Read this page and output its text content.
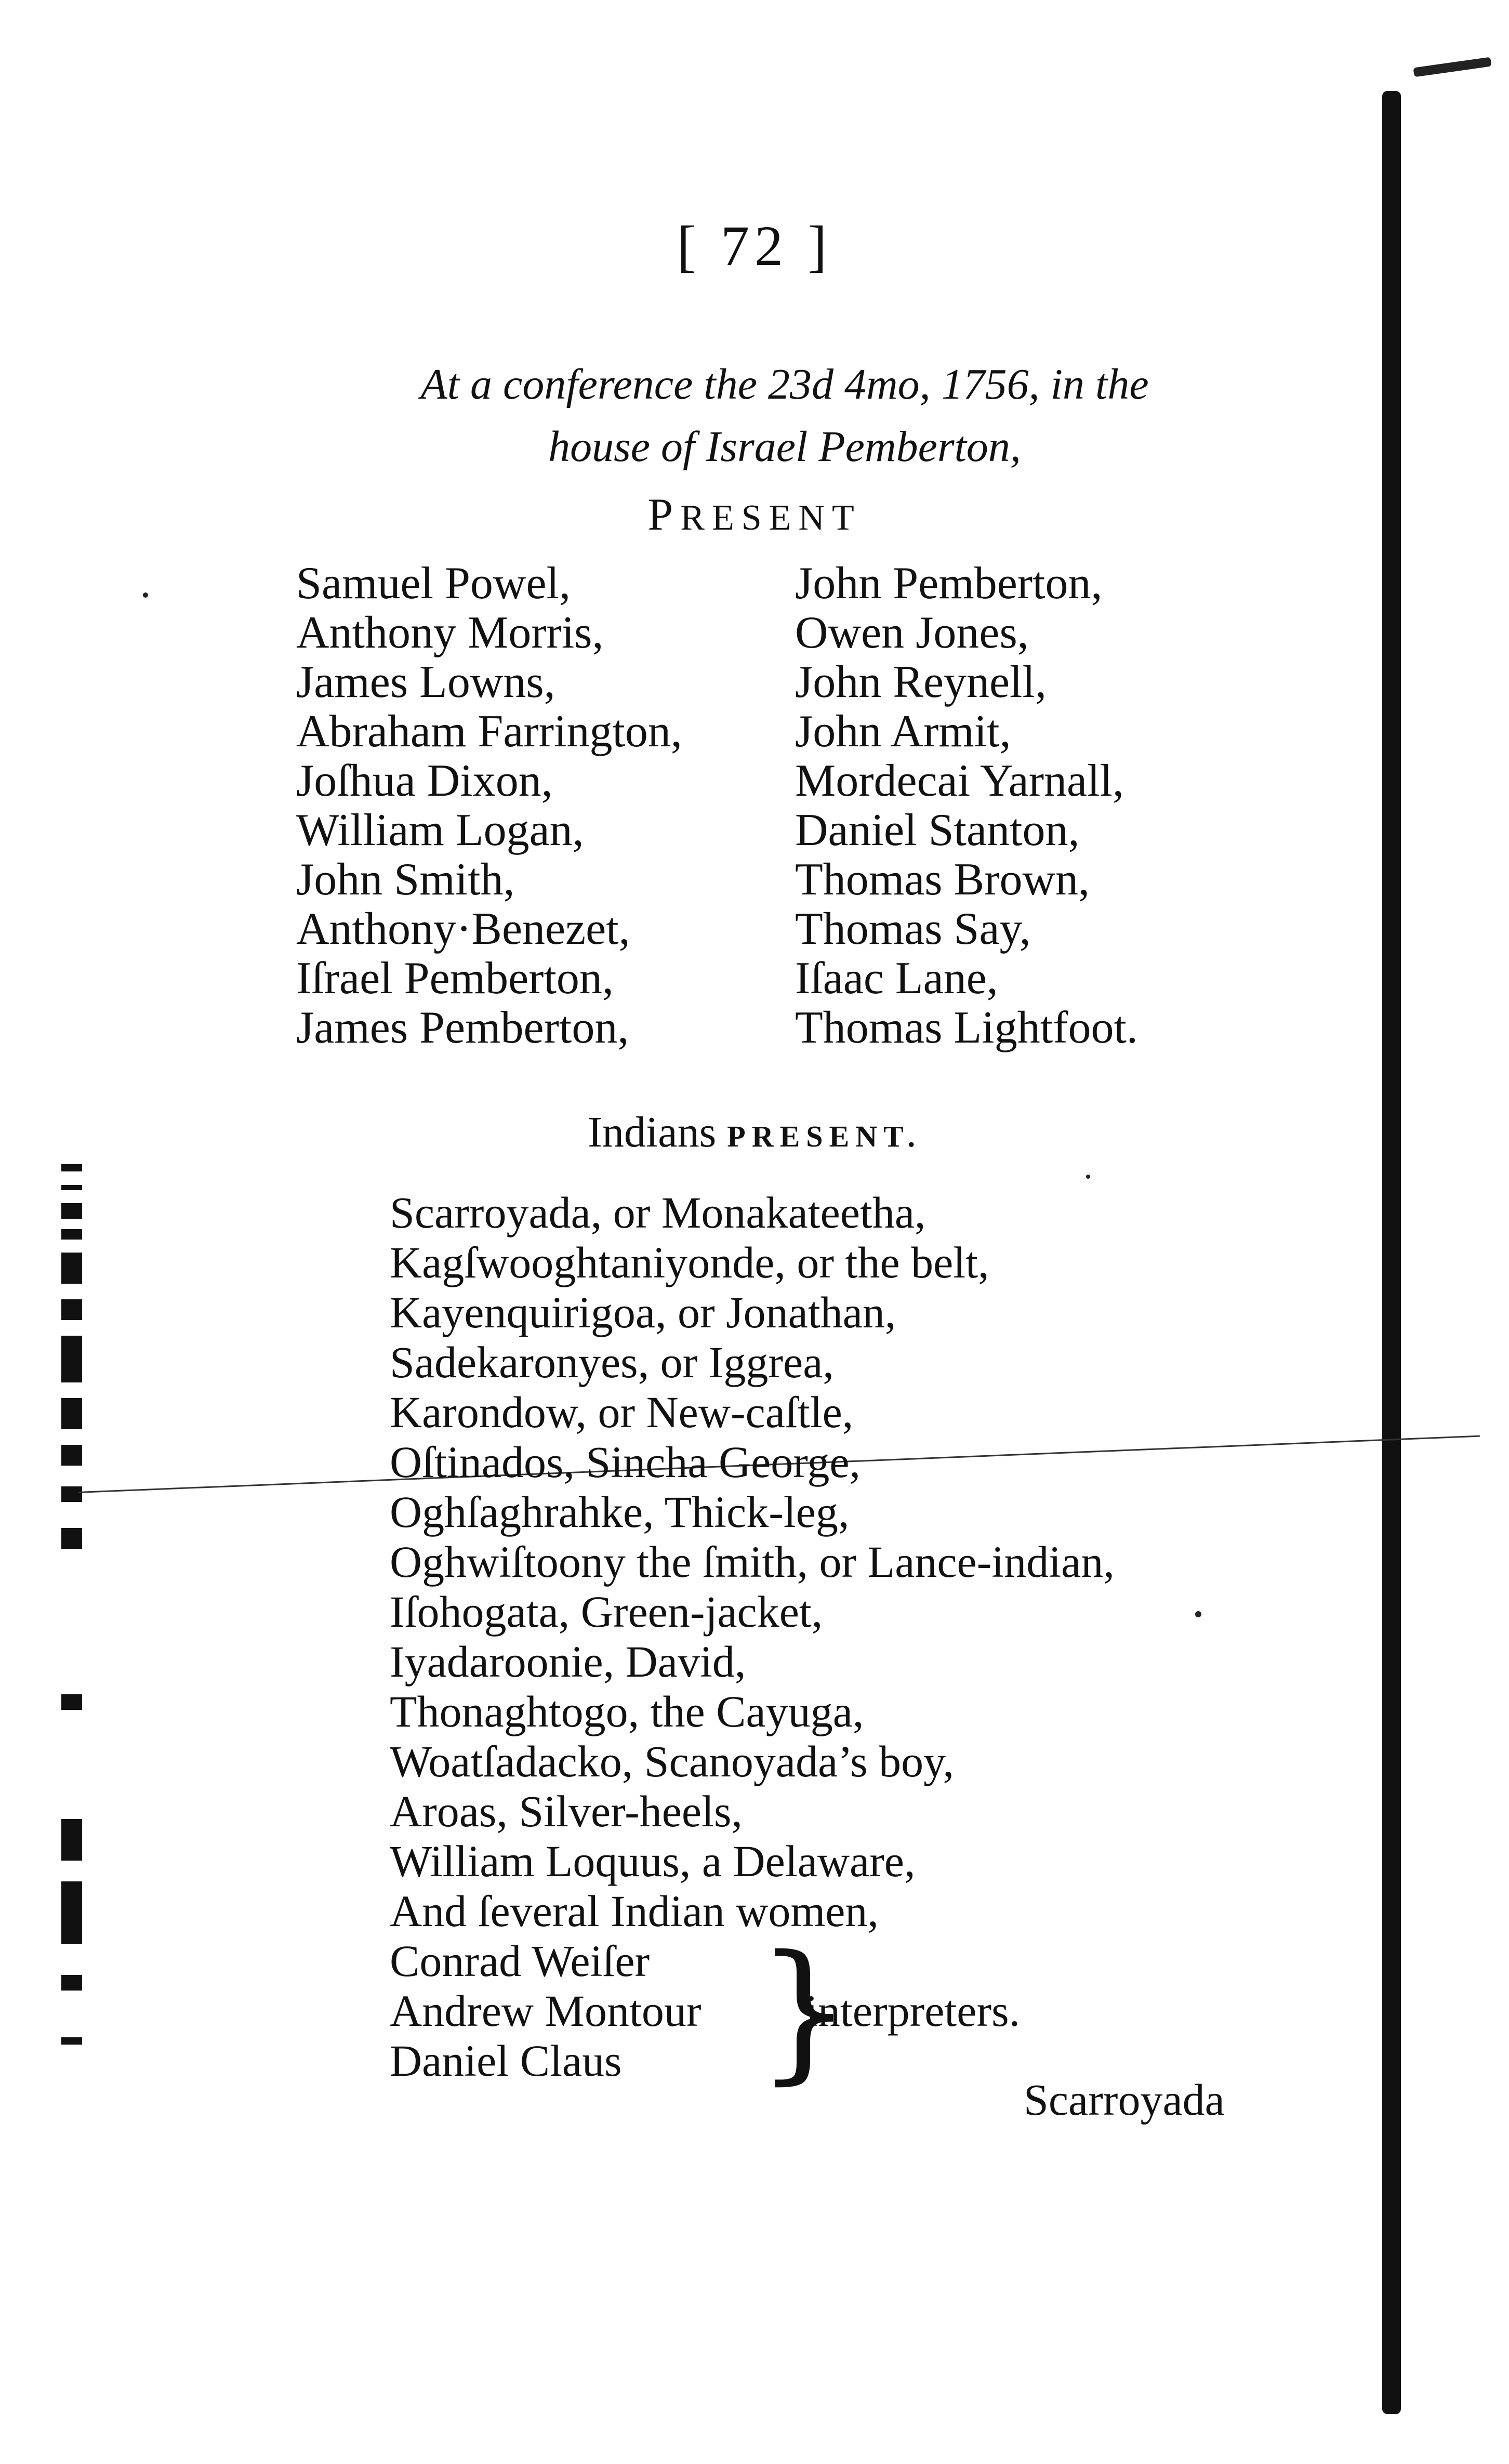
[ 72 ]
At a conference the 23d 4mo, 1756, in the
house of Israel Pemberton,
PRESENT
Samuel Powel,
Anthony Morris,
James Lowns,
Abraham Farrington,
Joſhua Dixon,
William Logan,
John Smith,
Anthony·Benezet,
Iſrael Pemberton,
James Pemberton,
John Pemberton,
Owen Jones,
John Reynell,
John Armit,
Mordecai Yarnall,
Daniel Stanton,
Thomas Brown,
Thomas Say,
Iſaac Lane,
Thomas Lightfoot.
Indians PRESENT.
Scarroyada, or Monakateetha,
Kagſwooghtaniyonde, or the belt,
Kayenquirigoa, or Jonathan,
Sadekaronyes, or Iggrea,
Karondow, or New-caſtle,
Oſtinados, Sincha George,
Oghſaghrahke, Thick-leg,
Oghwiſtoony the ſmith, or Lance-indian,
Iſohogata, Green-jacket,
Iyadaroonie, David,
Thonaghtogo, the Cayuga,
Woatſadacko, Scanoyada’s boy,
Aroas, Silver-heels,
William Loquus, a Delaware,
And ſeveral Indian women,
Conrad Weiſer
Andrew Montour
Daniel Claus }
interpreters.
Scarroyada
